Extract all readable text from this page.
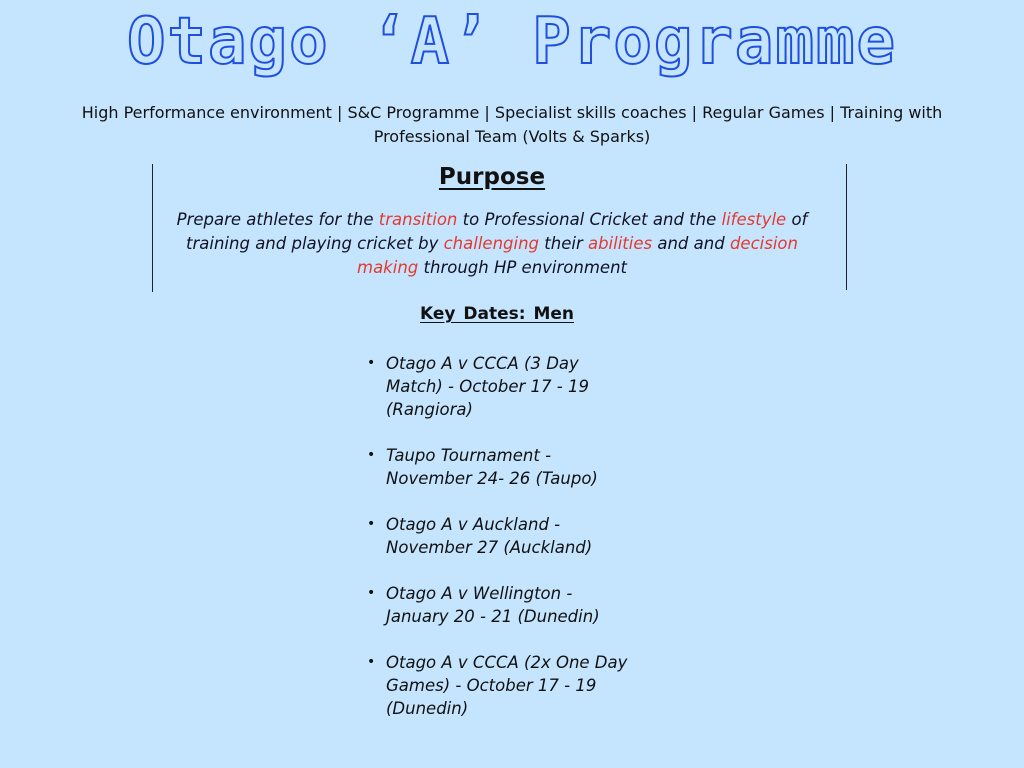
Otago ‘A’ Programme
High Performance environment | S&C Programme | Specialist skills coaches | Regular Games | Training with Professional Team (Volts & Sparks)
Purpose
Prepare athletes for the transition to Professional Cricket and the lifestyle of training and playing cricket by challenging their abilities and and decision making through HP environment
Key Dates: Men
• Otago A v CCCA (3 Day
Match) - October 17 - 19
(Rangiora)
• Taupo Tournament -
November 24- 26 (Taupo)
• Otago A v Auckland -
November 27 (Auckland)
• Otago A v Wellington -
January 20 - 21 (Dunedin)
• Otago A v CCCA (2x One Day
Games) - October 17 - 19
(Dunedin)
